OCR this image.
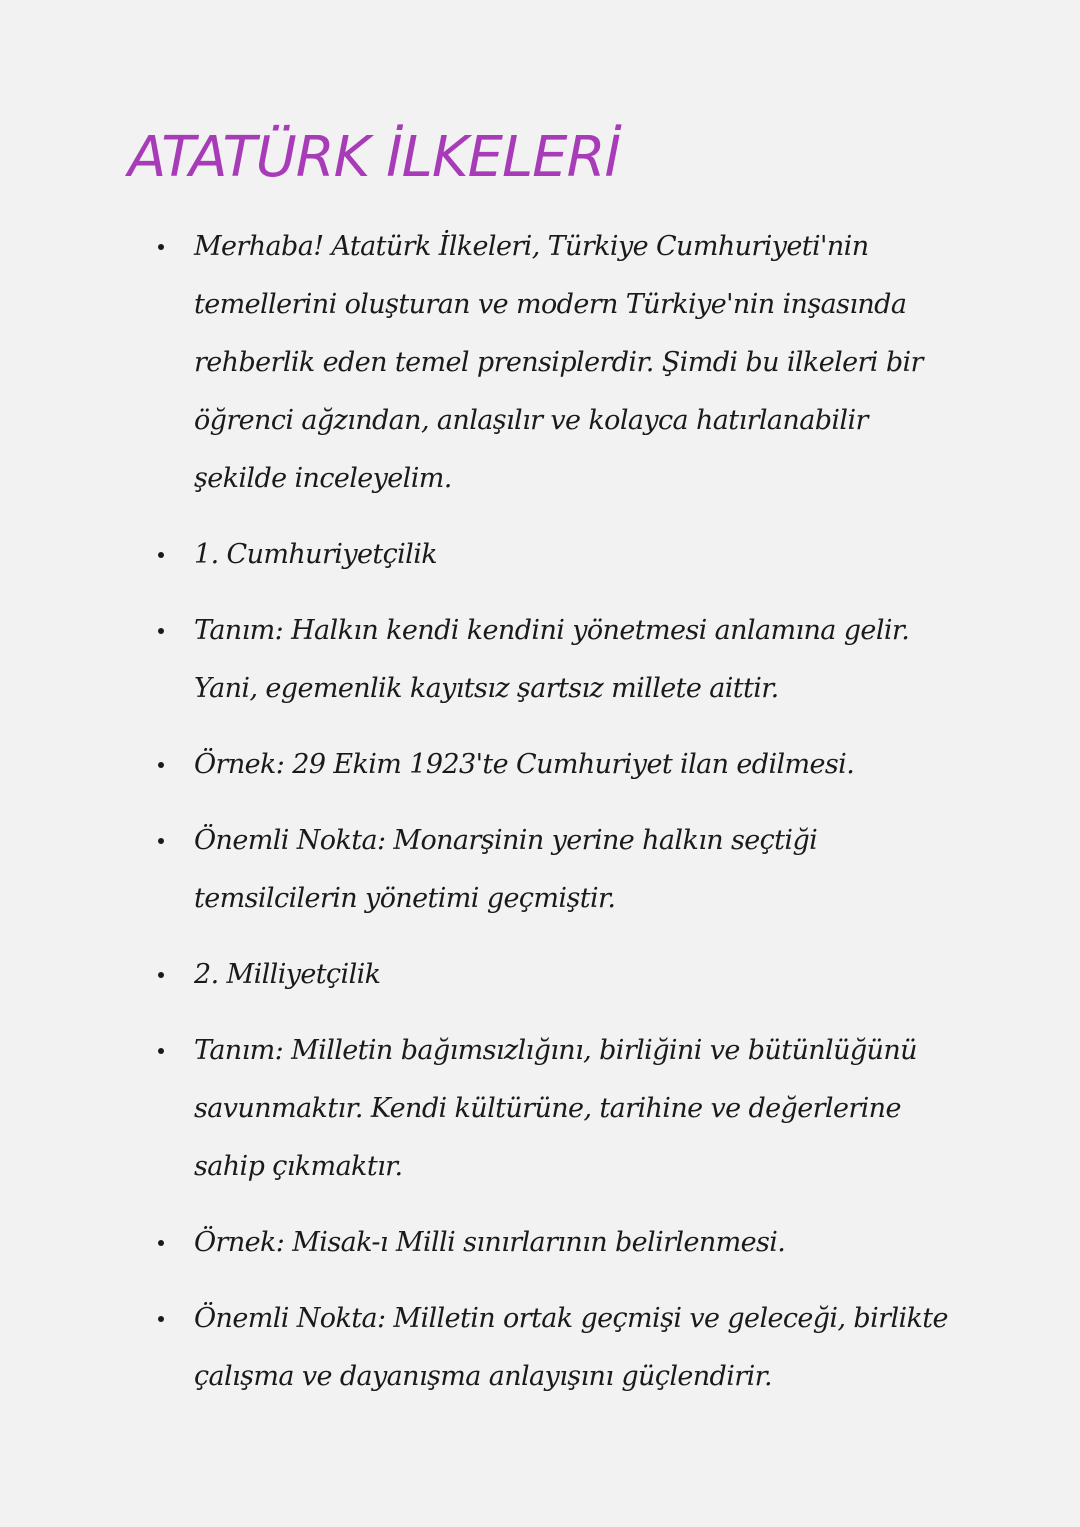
ATATÜRK İLKELERİ
Merhaba! Atatürk İlkeleri, Türkiye Cumhuriyeti'nin temellerini oluşturan ve modern Türkiye'nin inşasında rehberlik eden temel prensiplerdir. Şimdi bu ilkeleri bir öğrenci ağzından, anlaşılır ve kolayca hatırlanabilir şekilde inceleyelim.
1. Cumhuriyetçilik
Tanım: Halkın kendi kendini yönetmesi anlamına gelir. Yani, egemenlik kayıtsız şartsız millete aittir.
Örnek: 29 Ekim 1923'te Cumhuriyet ilan edilmesi.
Önemli Nokta: Monarşinin yerine halkın seçtiği temsilcilerin yönetimi geçmiştir.
2. Milliyetçilik
Tanım: Milletin bağımsızlığını, birliğini ve bütünlüğünü savunmaktır. Kendi kültürüne, tarihine ve değerlerine sahip çıkmaktır.
Örnek: Misak-ı Milli sınırlarının belirlenmesi.
Önemli Nokta: Milletin ortak geçmişi ve geleceği, birlikte çalışma ve dayanışma anlayışını güçlendirir.
